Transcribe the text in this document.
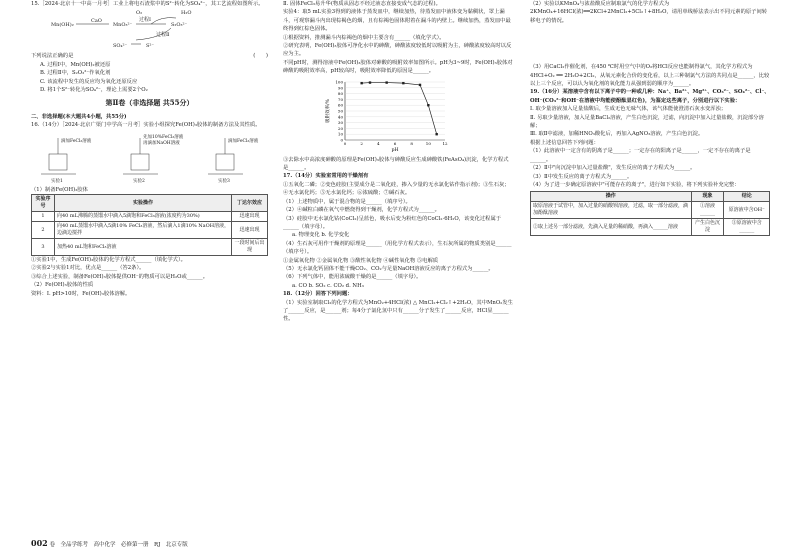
15.［2024·北京十一中高一月考］工业上将电石渣浆中的S²⁻转化为SO₄²⁻，其工艺流程如图所示。

Mn(OH)₂
CaO
MnO₃²⁻
O₂	H₂O
S₂O₃²⁻
S²⁻
过程Ⅰ
过程Ⅱ
SO₄²⁻

下列说法正确的是	(　　)

A. 过程Ⅰ中，Mn(OH)₂被还原

B. 过程Ⅱ中，S₂O₃²⁻作氧化剂

C. 该流程中发生的反应均为氧化还原反应

D. 将1个S²⁻转化为SO₄²⁻，理论上需要2个O₂

第Ⅱ卷（非选择题 共55分）

二、非选择题(本大题共4小题，共55分)

16.（14分）［2024·北京广渠门中学高一月考］实验小组探究Fe(OH)₃胶体的制备方法及其性质。

滴加FeCl₃溶液
先加10%FeCl₃溶液
再滴加NaOH溶液	滴加FeCl₃溶液
实验1	实验2	实验3

（1）制备Fe(OH)₃胶体

实验序号	实验操作	丁达尔效应
1	向40 mL沸腾的蒸馏水中滴入5滴饱和FeCl₃溶液(浓度约为30%)	迅速出现
2	向40 mL蒸馏水中滴入5滴10% FeCl₃溶液，然后滴入1滴10% NaOH溶液，边滴边搅拌	迅速出现
3	加热40 mL饱和FeCl₃溶液	一段时间后出现

①实验1中，生成Fe(OH)₃胶体的化学方程式______（填化学式）。

②实验2与实验1对比，优点是______（答2条）。

③综合上述实验，制备Fe(OH)₃胶体提供OH⁻的物质可以是H₂O或______。

（2）Fe(OH)₃胶体的性质

资料：Ⅰ. pH>10时，Fe(OH)₃胶体溶解。

Ⅱ. 固体FeCl₃易升华(物质从固态不经过液态直接变成气态的过程)。

实验4：取5 mL实验3得到的液体于蒸发皿中，继续加热，待蒸发皿中液体变为黏稠状，罩上漏斗，可观察漏斗内出现棕褐色的烟，且有棕褐色固体附着在漏斗的内壁上。继续加热，蒸发皿中最终得到红棕色固体。

①根据资料，推测漏斗内棕褐色的烟中主要含有______（填化学式）。

②研究表明，Fe(OH)₃胶体可净化水中的砷酸，砷酸浓度较低时以吸附为主，砷酸浓度较高时以反应为主。

不同pH时，测得溶液中Fe(OH)₃胶体对砷酸的吸附效率如图所示。pH为3~9时，Fe(OH)₃胶体对砷酸的吸附效率高，pH较高时，吸附效率降低的原因是______。

0
10
20
30
40
50
60
70
80
90
100
0	2	4	6	8	10	12
pH
吸附效率/%

③去除水中高浓度砷酸的原理是Fe(OH)₃胶体与砷酸反应生成砷酸铁(FeAsO₄)沉淀，化学方程式是______。

17.（14分）实验室常用的干燥剂有

①五氧化二磷；②变色硅胶(主要成分是二氧化硅，掺入少量的无水氯化钴作指示剂)；③生石灰；④无水氯化钙；⑤无水氯化钙；⑥浓硫酸；⑦碱石灰。

（1）上述物质中，属于混合物的是______（填序号）。

（2）④碱粒白磷在氧气中燃烧得到干燥剂，化学方程式为______。

（3）硅胶中无水氯化钴(CoCl₂)呈蓝色，吸水后变为粉红色的CoCl₂·6H₂O，该变化过程属于______（填字母）。

a. 物理变化 b. 化学变化

（4）生石灰可用作干燥剂的原理是______（用化学方程式表示），生石灰所属的物质类别是______（填序号）。

①金属氧化物 ②金属氧化物 ③酸性氧化物 ④碱性氧化物 ⑤电解质

（5）无水氯化钙固体不能干燥CO₂、CO₂与足量NaOH溶液反应的离子方程式为______。

（6）下列气体中，能用浓硫酸干燥的是______（填字母）。

a. CO b. SO₂ c. CO₂ d. NH₃

18.（12分）回答下列问题：

（1）实验室制取Cl₂的化学方程式为MnO₂+4HCl(浓) △ MnCl₂+Cl₂↑+2H₂O，其中MnO₂发生了______反应，是______剂；每4分子氯化氢中只有______分子发生了______反应，HCl显______性。

（2）实验以KMnO₄与浓盐酸反应制取氯气的化学方程式为2KMnO₄+16HCl(浓)══2KCl+2MnCl₂+5Cl₂↑+8H₂O，请用单线桥法表示出不同元素的原子间转移电子的情况。

（3）用CaCl₂作催化剂，在450 ℃时用空气中的O₂将HCl反应也能制得氯气，其化学方程式为4HCl+O₂ ══ 2H₂O+2Cl₂，从氧元素化合价的变化看，以上三种制氯气方法的共同点是______，比较以上三个反应，可以认为氧化剂的氧化能力从强到弱的顺序为______。

19.（16分）某溶液中含有以下离子中的一种或几种：Na⁺、Ba²⁺、Mg²⁺、CO₃²⁻、SO₄²⁻、Cl⁻、OH⁻(CO₃²⁻和OH⁻在溶液中均能使酚酞显红色)，为鉴定这些离子，分别进行以下实验：

Ⅰ. 取少量溶液加入足量盐酸后，生成无色无味气体，该气体能使澄清石灰水变浑浊；

Ⅱ. 另取少量溶液，加入足量BaCl₂溶液，产生白色沉淀，过滤，向沉淀中加入过量盐酸，沉淀部分溶解；

Ⅲ. 取Ⅱ中滤液，加稀HNO₃酸化后，再加入AgNO₃溶液，产生白色沉淀。

根据上述信息回答下列问题：

（1）此溶液中一定含有的阴离子是______；一定存在的阳离子是______，一定不存在的离子是______。

（2）Ⅱ中"向沉淀中加入过量盐酸"，发生反应的离子方程式为______。

（3）Ⅱ中发生反应的离子方程式为______。

（4）为了进一步确定原溶液中"可能存在的离子"，进行如下实验，将下列实验补充完整：

操作	现象	结论
取原溶液于试管中，加入过量的硝酸钡溶液，过滤，取一部分滤液，滴加酚酞溶液	①溶液______	原溶液中含OH⁻
②取上述另一部分滤液，先滴入足量的稀硝酸，再滴入______溶液	产生白色沉淀	③原溶液中含______
002 卷　全品学练考　高中化学　必修第一册　RJ　北京专版
